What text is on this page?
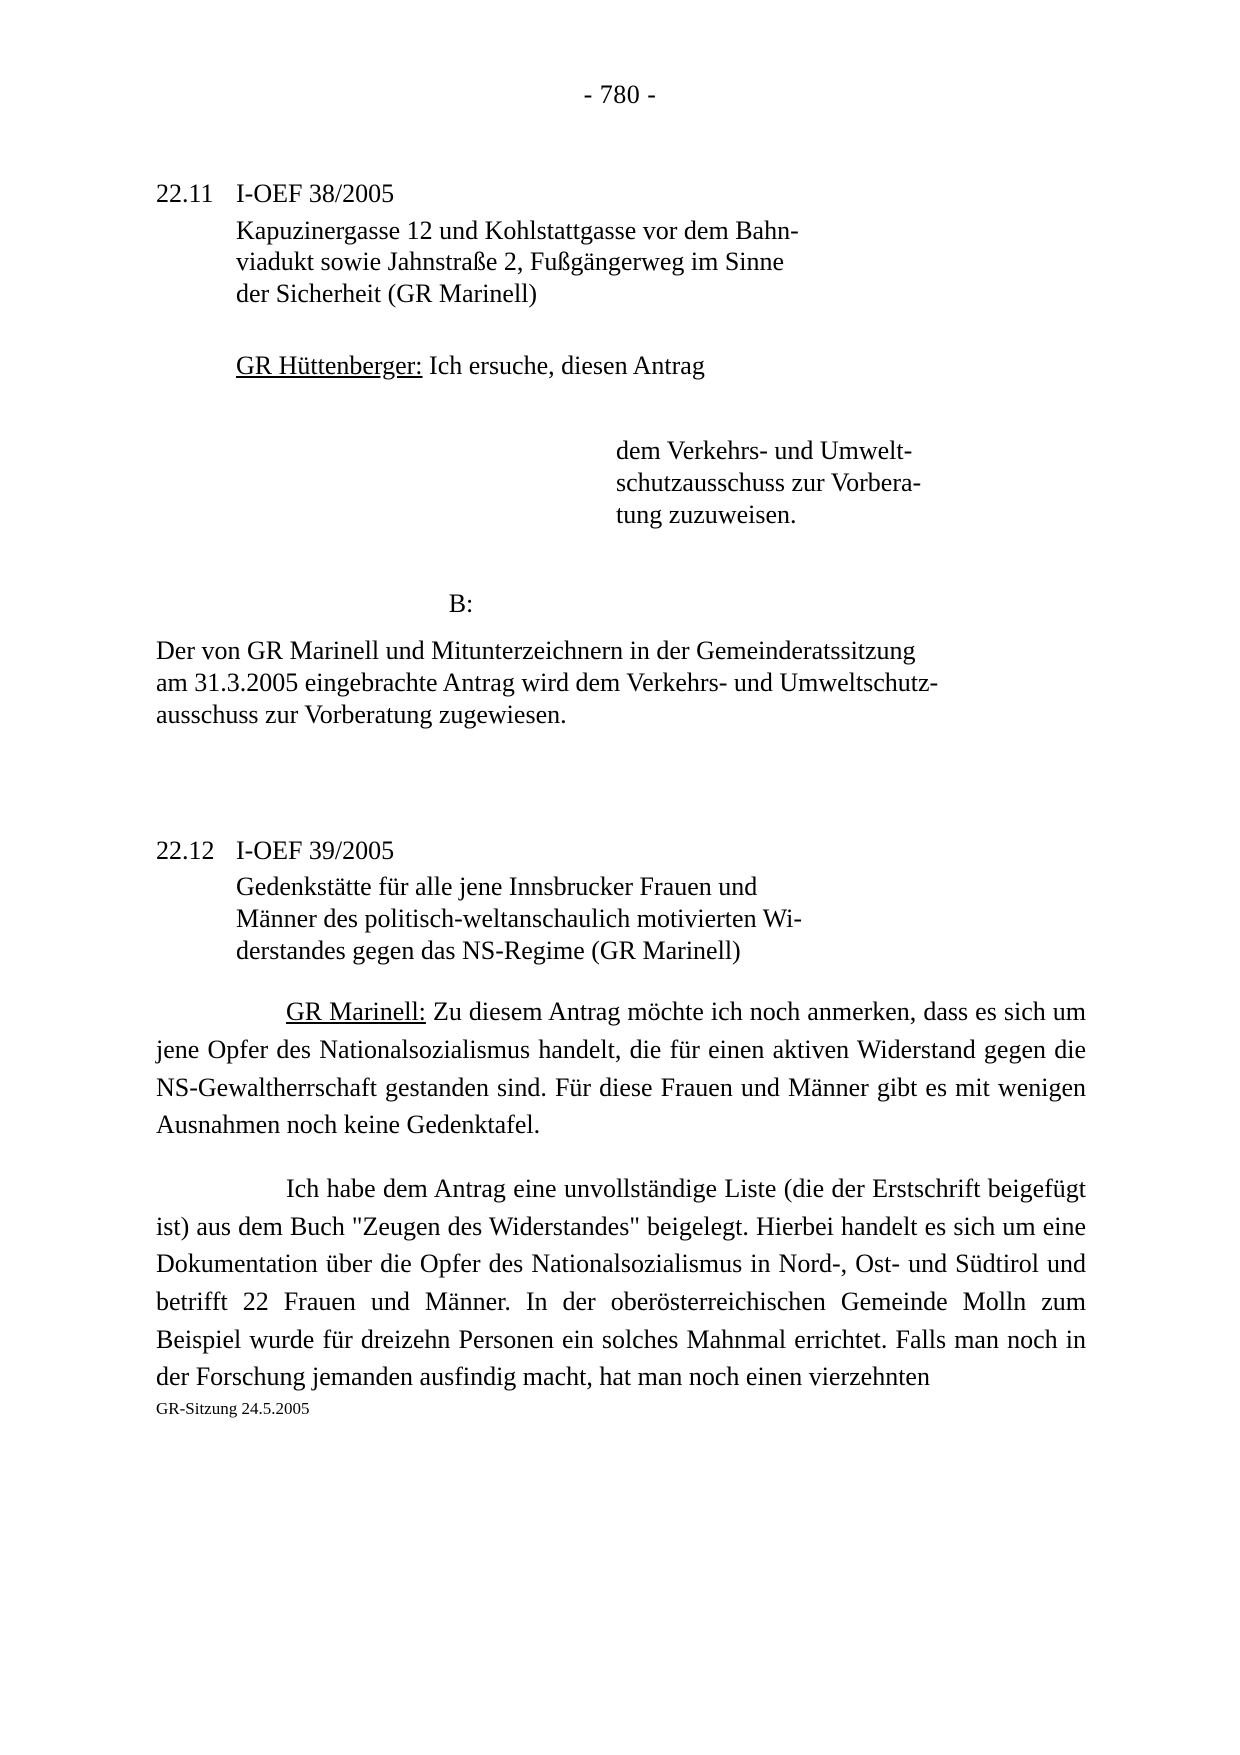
- 780 -
22.11 I-OEF 38/2005
Kapuzinergasse 12 und Kohlstattgasse vor dem Bahn-
viadukt sowie Jahnstraße 2, Fußgängerweg im Sinne
der Sicherheit (GR Marinell)
GR Hüttenberger: Ich ersuche, diesen Antrag
dem Verkehrs- und Umwelt-
schutzausschuss zur Vorbera-
tung zuzuweisen.
B:
Der von GR Marinell und Mitunterzeichnern in der Gemeinderatssitzung
am 31.3.2005 eingebrachte Antrag wird dem Verkehrs- und Umweltschutz-
ausschuss zur Vorberatung zugewiesen.
22.12 I-OEF 39/2005
Gedenkstätte für alle jene Innsbrucker Frauen und
Männer des politisch-weltanschaulich motivierten Wi-
derstandes gegen das NS-Regime (GR Marinell)
GR Marinell: Zu diesem Antrag möchte ich noch anmerken, dass es sich um jene Opfer des Nationalsozialismus handelt, die für einen aktiven Widerstand gegen die NS-Gewaltherrschaft gestanden sind. Für diese Frauen und Männer gibt es mit wenigen Ausnahmen noch keine Gedenktafel.
Ich habe dem Antrag eine unvollständige Liste (die der Erstschrift beigefügt ist) aus dem Buch "Zeugen des Widerstandes" beigelegt. Hierbei handelt es sich um eine Dokumentation über die Opfer des Nationalsozialismus in Nord-, Ost- und Südtirol und betrifft 22 Frauen und Männer. In der oberösterreichischen Gemeinde Molln zum Beispiel wurde für dreizehn Personen ein solches Mahnmal errichtet. Falls man noch in der Forschung jemanden ausfindig macht, hat man noch einen vierzehnten
GR-Sitzung 24.5.2005
